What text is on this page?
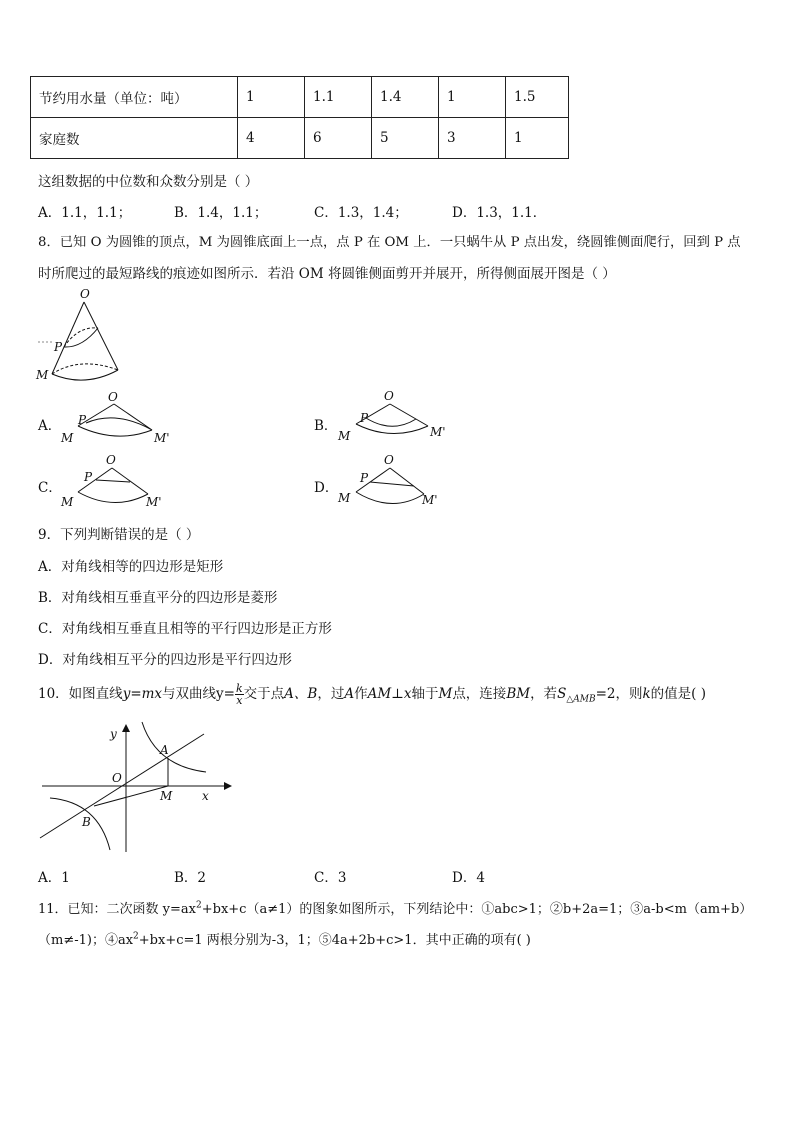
节约用水量（单位：吨）	1	1.1	1.4	1	1.5
家庭数	4	6	5	3	1
这组数据的中位数和众数分别是（ ）
A．1.1，1.1；	B．1.4，1.1；	C．1.3，1.4；	D．1.3，1.1．
8．已知 O 为圆锥的顶点，M 为圆锥底面上一点，点 P 在 OM 上．一只蜗牛从 P 点出发，绕圆锥侧面爬行，回到 P 点
时所爬过的最短路线的痕迹如图所示．若沿 OM 将圆锥侧面剪开并展开，所得侧面展开图是（ ）
O
P
M
A．
O
P
M	M'
B．
O
P
M	M'
C．
O
P
M	M'
D．
O
P
M	M'
9．下列判断错误的是（ ）
A．对角线相等的四边形是矩形
B．对角线相互垂直平分的四边形是菱形
C．对角线相互垂直且相等的平行四边形是正方形
D．对角线相互平分的四边形是平行四边形
10．如图直线y=mx与双曲线$y= \frac{k}{x}$ 交于点A、B，过A作AM⊥x轴于M点，连接BM，若$S_{\triangle AMB}=2$，则k的值是( )
y
x
O
A
B
M
A．1	B．2	C．3	D．4
11．已知：二次函数 $y=ax^2+bx+c(a\ne 1)$的图象如图所示，下列结论中：①abc>1；②b+2a=1；③a-b<m（am+b）
（m≠-1)；$④ax^2+bx+c=1$ 两根分别为-3，1；⑤4a+2b+c>1．其中正确的项有( )
